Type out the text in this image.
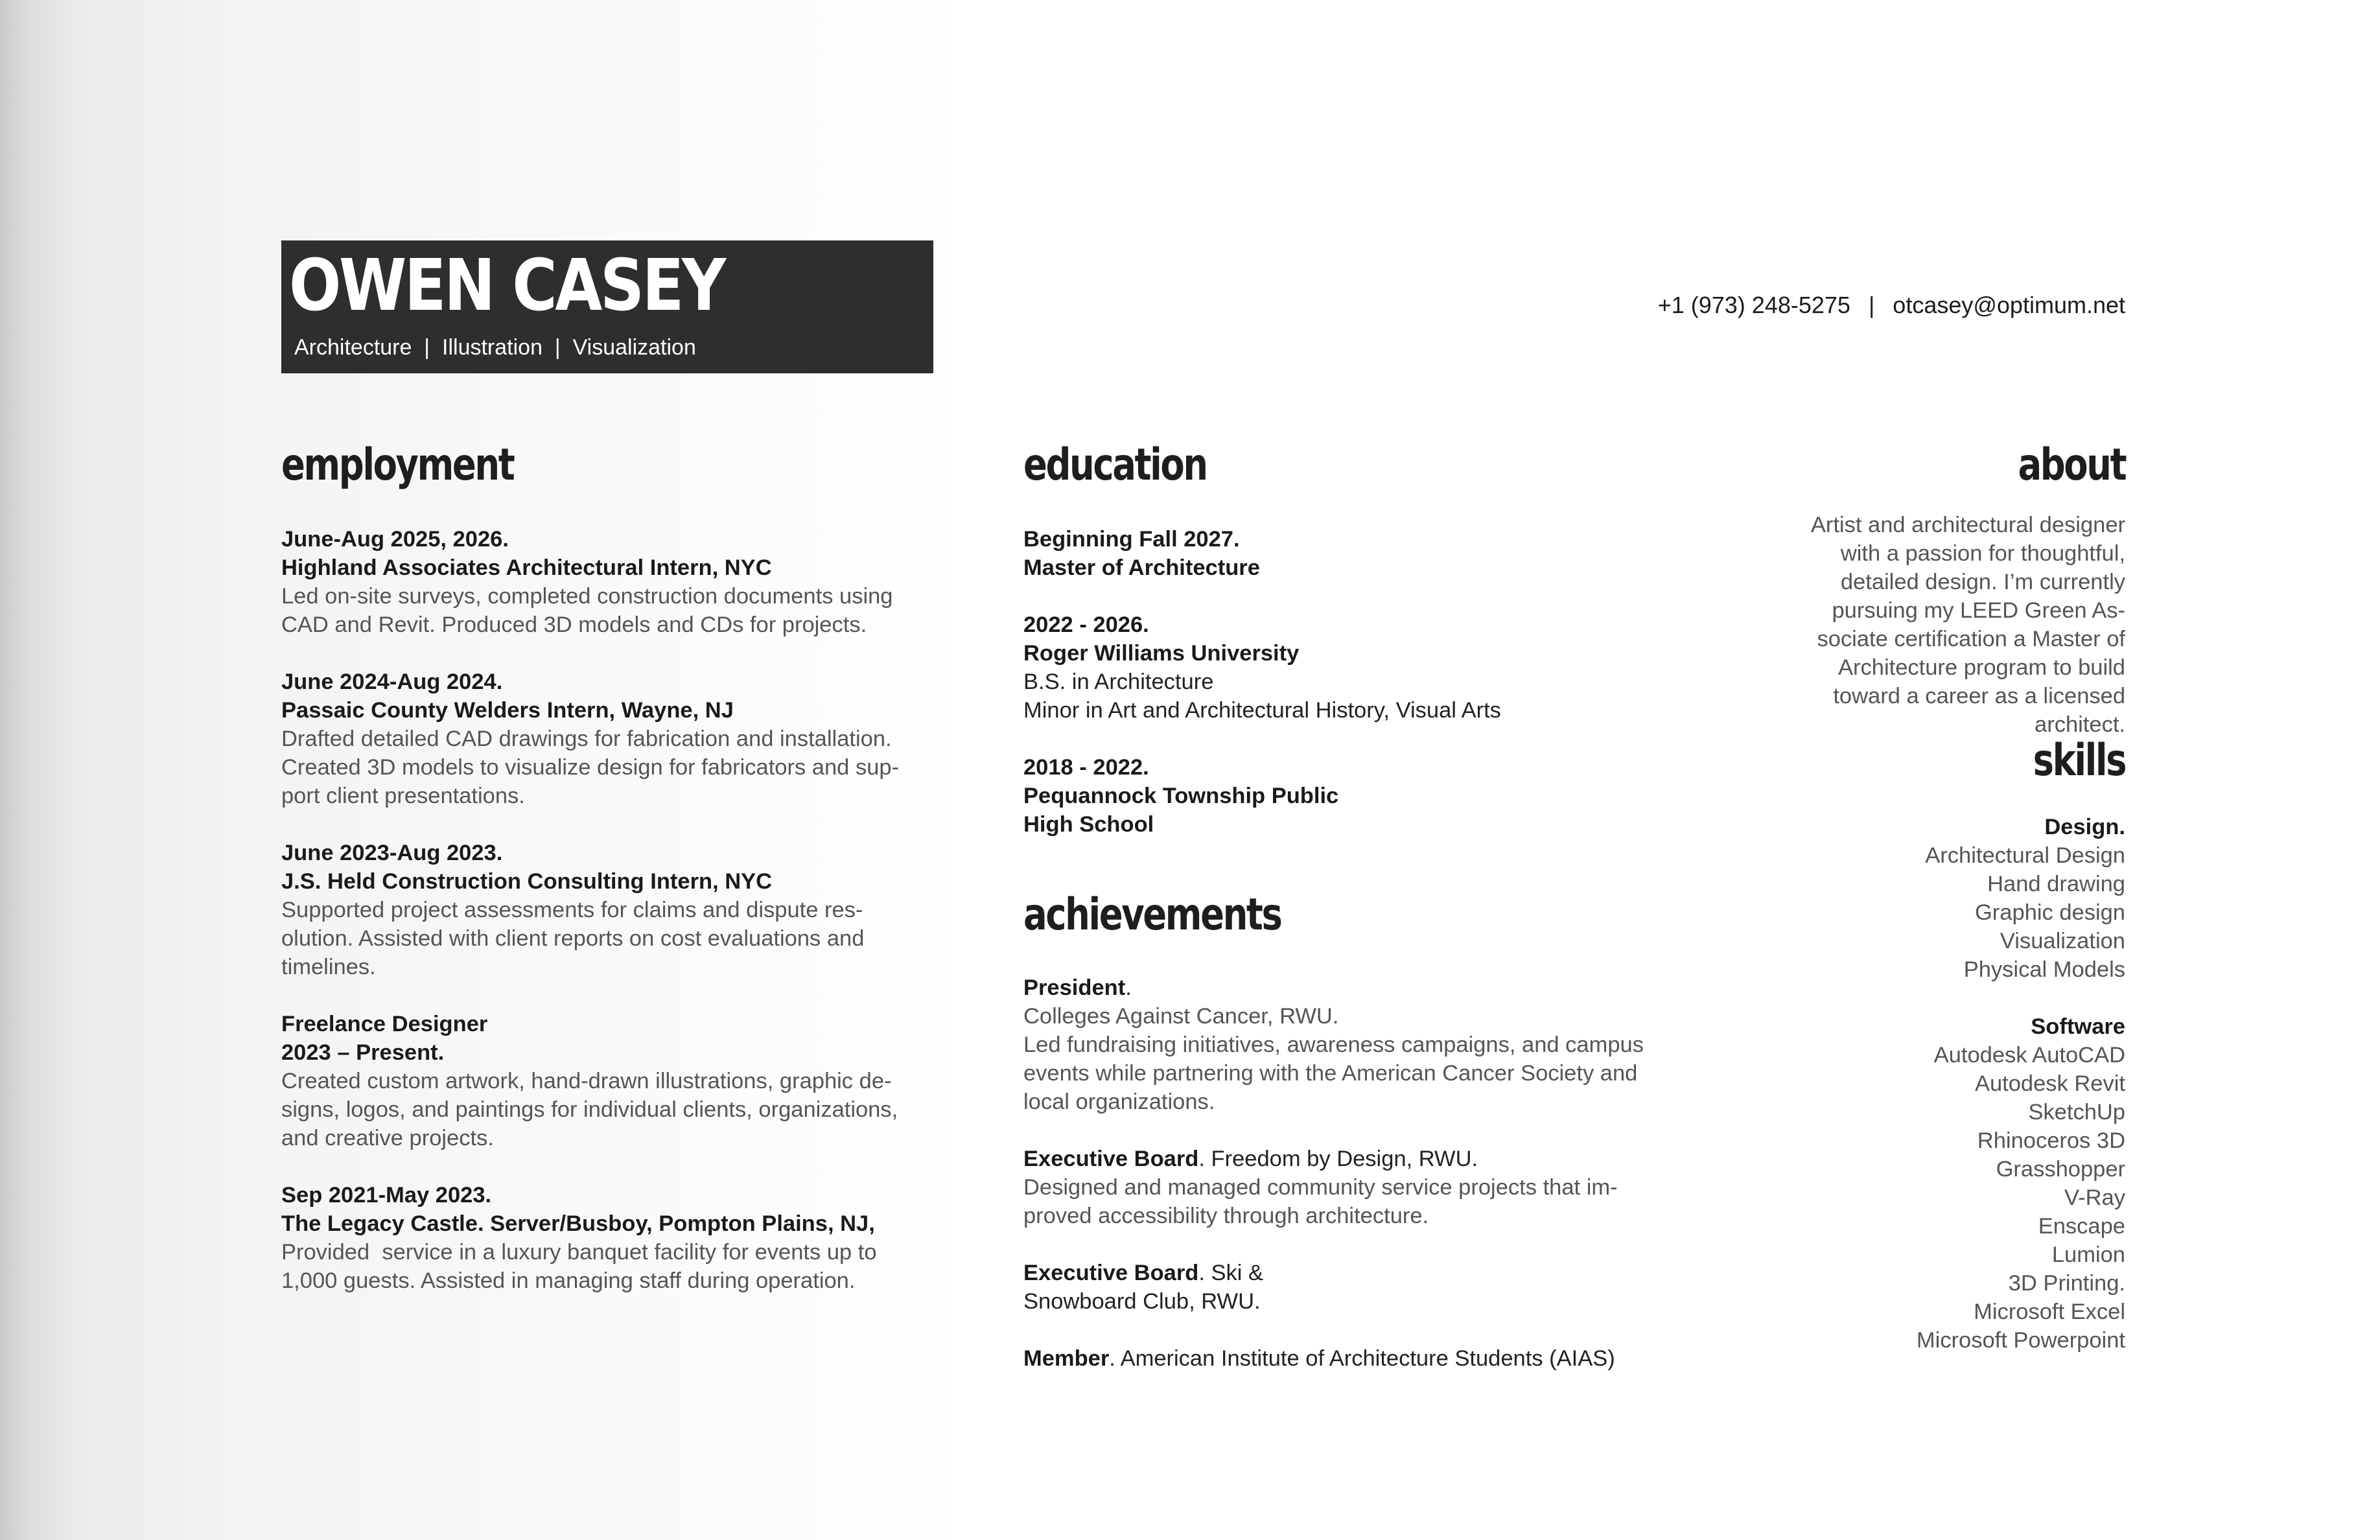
OWEN CASEY
Architecture  |  Illustration  |  Visualization
+1 (973) 248-5275 | otcasey@optimum.net
employment
June-Aug 2025, 2026.
Highland Associates Architectural Intern, NYC
Led on-site surveys, completed construction documents using
CAD and Revit. Produced 3D models and CDs for projects.
June 2024-Aug 2024.
Passaic County Welders Intern, Wayne, NJ
Drafted detailed CAD drawings for fabrication and installation.
Created 3D models to visualize design for fabricators and sup-
port client presentations.
June 2023-Aug 2023.
J.S. Held Construction Consulting Intern, NYC
Supported project assessments for claims and dispute res-
olution. Assisted with client reports on cost evaluations and
timelines.
Freelance Designer
2023 – Present.
Created custom artwork, hand-drawn illustrations, graphic de-
signs, logos, and paintings for individual clients, organizations,
and creative projects.
Sep 2021-May 2023.
The Legacy Castle. Server/Busboy, Pompton Plains, NJ,
Provided  service in a luxury banquet facility for events up to
1,000 guests. Assisted in managing staff during operation.
education
Beginning Fall 2027.
Master of Architecture
2022 - 2026.
Roger Williams University
B.S. in Architecture
Minor in Art and Architectural History, Visual Arts
2018 - 2022.
Pequannock Township Public
High School
achievements
President.
Colleges Against Cancer, RWU.
Led fundraising initiatives, awareness campaigns, and campus
events while partnering with the American Cancer Society and
local organizations.
Executive Board. Freedom by Design, RWU.
Designed and managed community service projects that im-
proved accessibility through architecture.
Executive Board. Ski &
Snowboard Club, RWU.
Member. American Institute of Architecture Students (AIAS)
about
Artist and architectural designer
with a passion for thoughtful,
detailed design. I’m currently
pursuing my LEED Green As-
sociate certification a Master of
Architecture program to build
toward a career as a licensed
architect.
skills
Design.
Architectural Design
Hand drawing
Graphic design
Visualization
Physical Models
Software
Autodesk AutoCAD
Autodesk Revit
SketchUp
Rhinoceros 3D
Grasshopper
V-Ray
Enscape
Lumion
3D Printing.
Microsoft Excel
Microsoft Powerpoint
